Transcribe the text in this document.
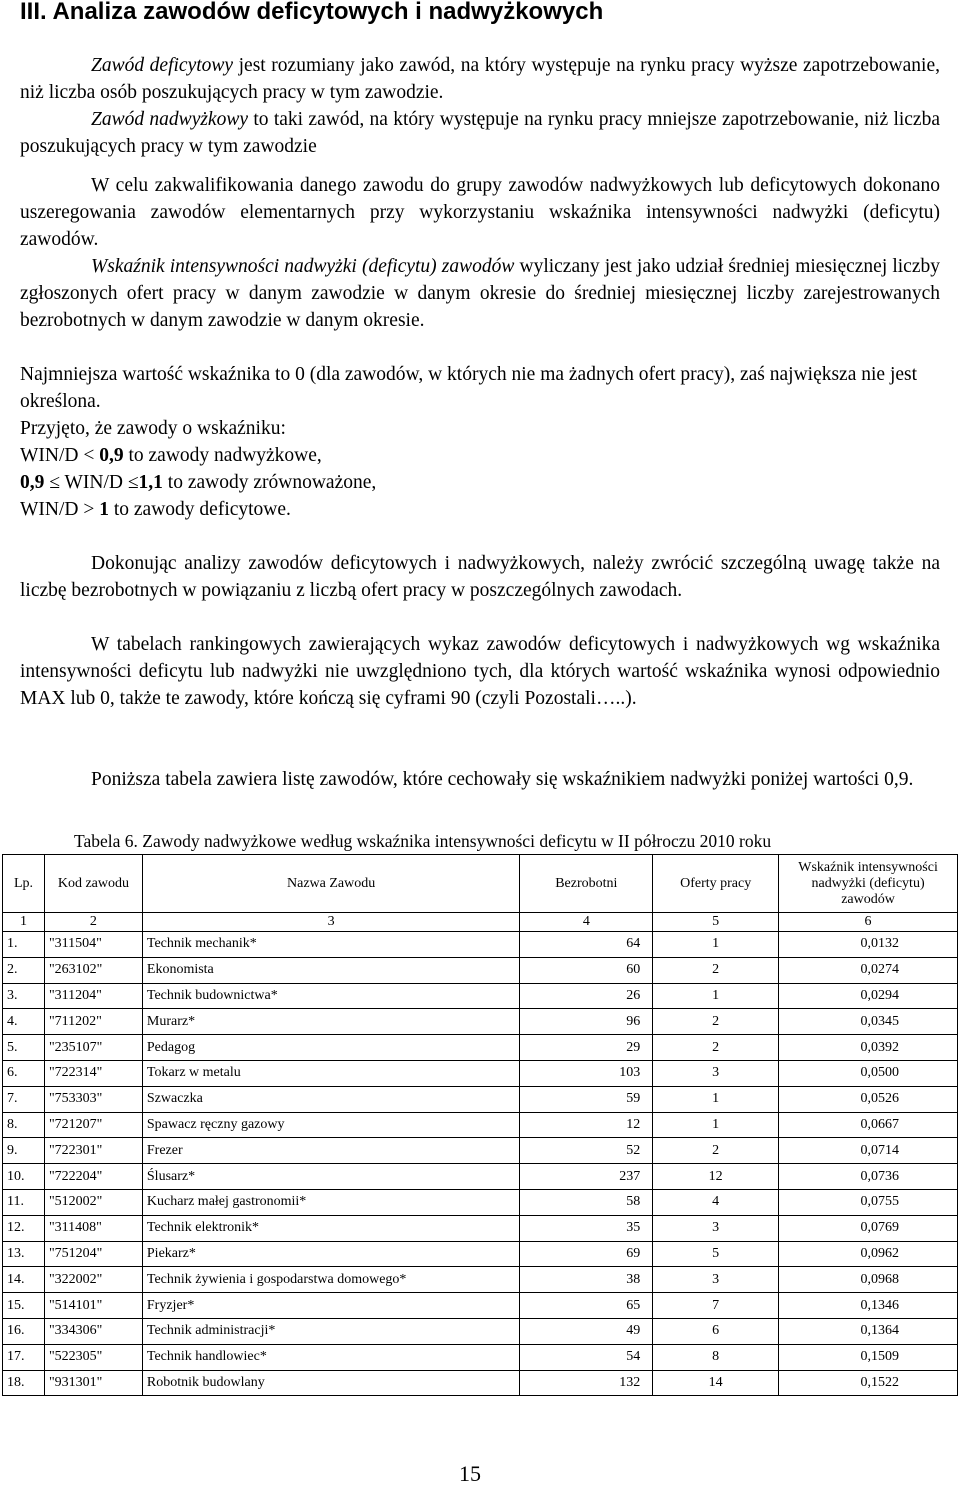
III. Analiza zawodów deficytowych i nadwyżkowych

Zawód deficytowy jest rozumiany jako zawód, na który występuje na rynku pracy wyższe zapotrzebowanie, niż liczba osób poszukujących pracy w tym zawodzie.

Zawód nadwyżkowy to taki zawód, na który występuje na rynku pracy mniejsze zapotrzebowanie, niż liczba poszukujących pracy w tym zawodzie

W celu zakwalifikowania danego zawodu do grupy zawodów nadwyżkowych lub deficytowych dokonano uszeregowania zawodów elementarnych przy wykorzystaniu wskaźnika intensywności nadwyżki (deficytu) zawodów.

Wskaźnik intensywności nadwyżki (deficytu) zawodów wyliczany jest jako udział średniej miesięcznej liczby zgłoszonych ofert pracy w danym zawodzie w danym okresie do średniej miesięcznej liczby zarejestrowanych bezrobotnych w danym zawodzie w danym okresie.

Najmniejsza wartość wskaźnika to 0 (dla zawodów, w których nie ma żadnych ofert pracy), zaś największa nie jest określona.

Przyjęto, że zawody o wskaźniku:

WIN/D < 0,9 to zawody nadwyżkowe,

0,9 ≤ WIN/D ≤1,1 to zawody zrównoważone,

WIN/D > 1 to zawody deficytowe.

Dokonując analizy zawodów deficytowych i nadwyżkowych, należy zwrócić szczególną uwagę także na liczbę bezrobotnych w powiązaniu z liczbą ofert pracy w poszczególnych zawodach.

W tabelach rankingowych zawierających wykaz zawodów deficytowych i nadwyżkowych wg wskaźnika intensywności deficytu lub nadwyżki nie uwzględniono tych, dla których wartość wskaźnika wynosi odpowiednio MAX lub 0, także te zawody, które kończą się cyframi 90 (czyli Pozostali…..).

Poniższa tabela zawiera listę zawodów, które cechowały się wskaźnikiem nadwyżki poniżej wartości 0,9.

Tabela 6. Zawody nadwyżkowe według wskaźnika intensywności deficytu w II półroczu 2010 roku
Lp.	Kod zawodu	Nazwa Zawodu	Bezrobotni	Oferty pracy	Wskaźnik intensywności nadwyżki (deficytu) zawodów
1	2	3	4	5	6
1.	"311504"	Technik mechanik*	64	1	0,0132
2.	"263102"	Ekonomista	60	2	0,0274
3.	"311204"	Technik budownictwa*	26	1	0,0294
4.	"711202"	Murarz*	96	2	0,0345
5.	"235107"	Pedagog	29	2	0,0392
6.	"722314"	Tokarz w metalu	103	3	0,0500
7.	"753303"	Szwaczka	59	1	0,0526
8.	"721207"	Spawacz ręczny gazowy	12	1	0,0667
9.	"722301"	Frezer	52	2	0,0714
10.	"722204"	Ślusarz*	237	12	0,0736
11.	"512002"	Kucharz małej gastronomii*	58	4	0,0755
12.	"311408"	Technik elektronik*	35	3	0,0769
13.	"751204"	Piekarz*	69	5	0,0962
14.	"322002"	Technik żywienia i gospodarstwa domowego*	38	3	0,0968
15.	"514101"	Fryzjer*	65	7	0,1346
16.	"334306"	Technik administracji*	49	6	0,1364
17.	"522305"	Technik handlowiec*	54	8	0,1509
18.	"931301"	Robotnik budowlany	132	14	0,1522
15
